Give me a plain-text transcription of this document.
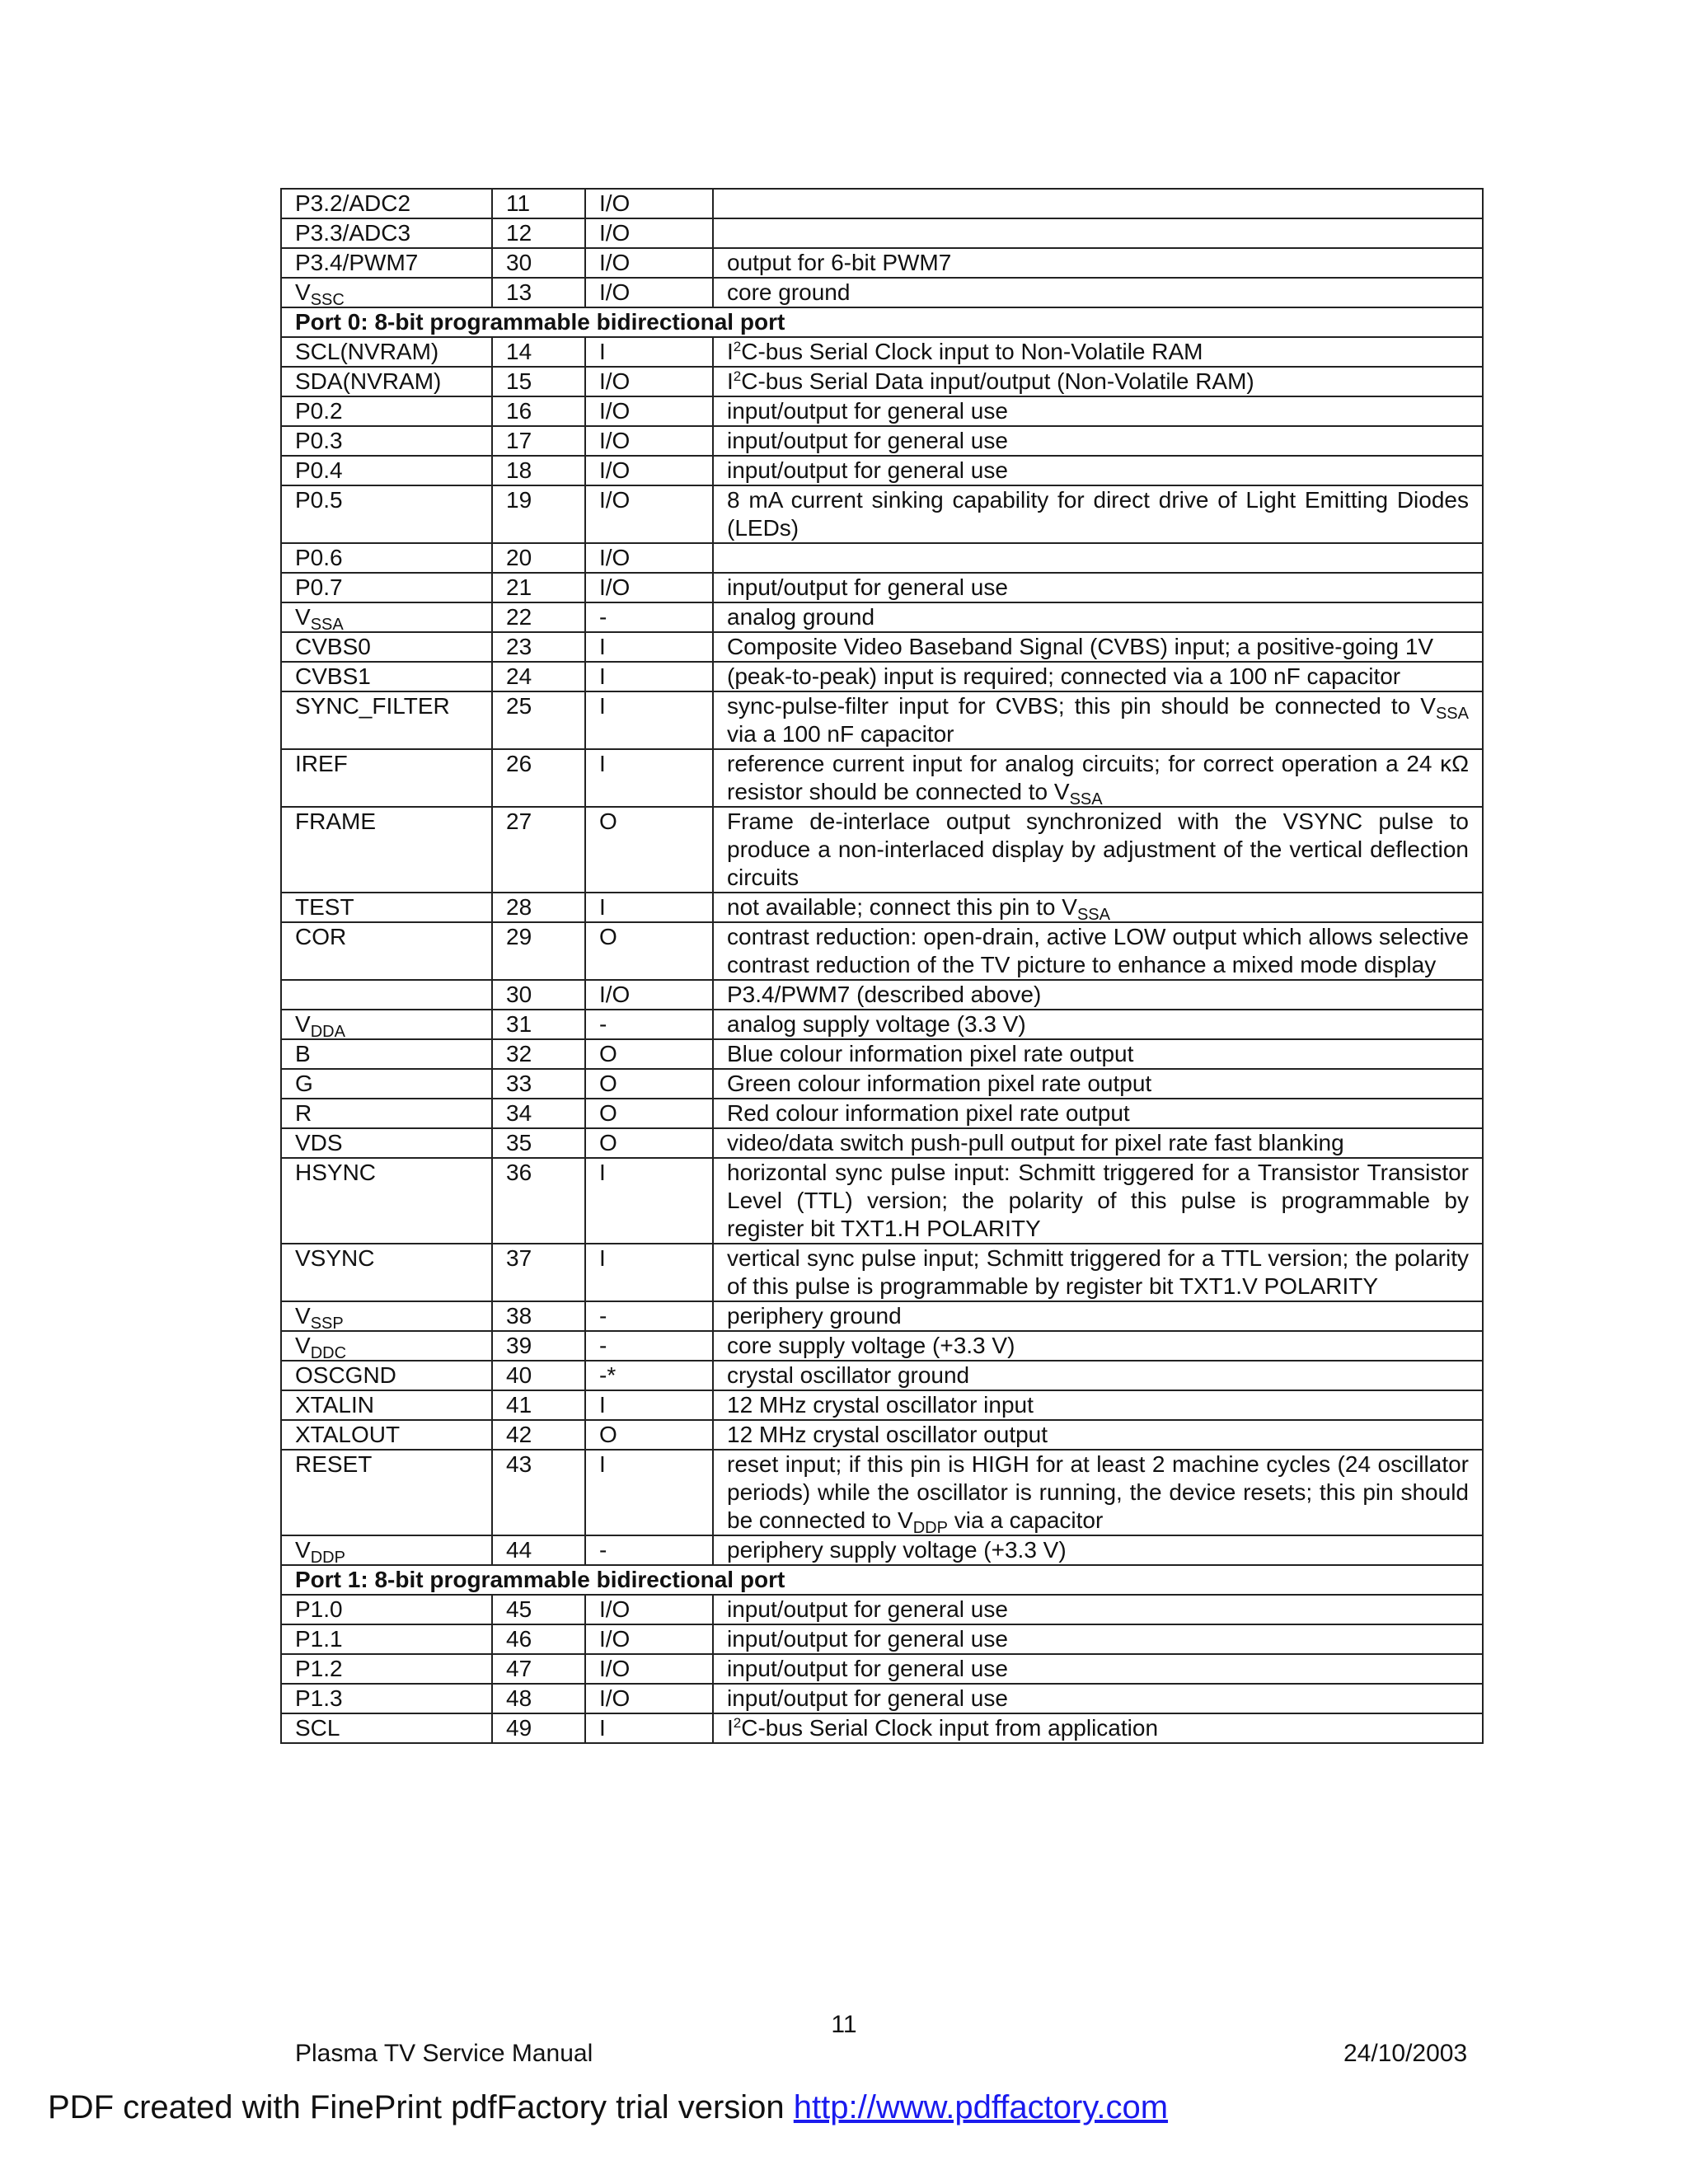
P3.2/ADC2	11	I/O	
P3.3/ADC3	12	I/O	
P3.4/PWM7	30	I/O	output for 6-bit PWM7
$V_{SSC}$	13	I/O	core ground
Port 0: 8-bit programmable bidirectional port			
SCL(NVRAM)	14	I	$I^2C$-bus Serial Clock input to Non-Volatile RAM
SDA(NVRAM)	15	I/O	$I^2C$-bus Serial Data input/output (Non-Volatile RAM)
P0.2	16	I/O	input/output for general use
P0.3	17	I/O	input/output for general use
P0.4	18	I/O	input/output for general use
P0.5	19	I/O	8 mA current sinking capability for direct drive of Light Emitting Diodes (LEDs)
P0.6	20	I/O	
P0.7	21	I/O	input/output for general use
$V_{SSA}$	22	-	analog ground
CVBS0	23	I	Composite Video Baseband Signal (CVBS) input; a positive-going 1V
CVBS1	24	I	(peak-to-peak) input is required; connected via a 100 nF capacitor
SYNC_FILTER	25	I	sync-pulse-filter input for CVBS; this pin should be connected to $V_{SSA}$ via a 100 nF capacitor
IREF	26	I	reference current input for analog circuits; for correct operation a 24 κΩ resistor should be connected to $V_{SSA}$
FRAME	27	O	Frame de-interlace output synchronized with the VSYNC pulse to produce a non-interlaced display by adjustment of the vertical deflection circuits
TEST	28	I	not available; connect this pin to $V_{SSA}$
COR	29	O	contrast reduction: open-drain, active LOW output which allows selective contrast reduction of the TV picture to enhance a mixed mode display
	30	I/O	P3.4/PWM7 (described above)
$V_{DDA}$	31	-	analog supply voltage (3.3 V)
B	32	O	Blue colour information pixel rate output
G	33	O	Green colour information pixel rate output
R	34	O	Red colour information pixel rate output
VDS	35	O	video/data switch push-pull output for pixel rate fast blanking
HSYNC	36	I	horizontal sync pulse input: Schmitt triggered for a Transistor Transistor Level (TTL) version; the polarity of this pulse is programmable by register bit TXT1.H POLARITY
VSYNC	37	I	vertical sync pulse input; Schmitt triggered for a TTL version; the polarity of this pulse is programmable by register bit TXT1.V POLARITY
$V_{SSP}$	38	-	periphery ground
$V_{DDC}$	39	-	core supply voltage (+3.3 V)
OSCGND	40	-*	crystal oscillator ground
XTALIN	41	I	12 MHz crystal oscillator input
XTALOUT	42	O	12 MHz crystal oscillator output
RESET	43	I	reset input; if this pin is HIGH for at least 2 machine cycles (24 oscillator periods) while the oscillator is running, the device resets; this pin should be connected to $V_{DDP}$ via a capacitor
$V_{DDP}$	44	-	periphery supply voltage (+3.3 V)
Port 1: 8-bit programmable bidirectional port			
P1.0	45	I/O	input/output for general use
P1.1	46	I/O	input/output for general use
P1.2	47	I/O	input/output for general use
P1.3	48	I/O	input/output for general use
SCL	49	I	$I^2C$-bus Serial Clock input from application
11
Plasma TV Service Manual	24/10/2003
PDF created with FinePrint pdfFactory trial version http://www.pdffactory.com
